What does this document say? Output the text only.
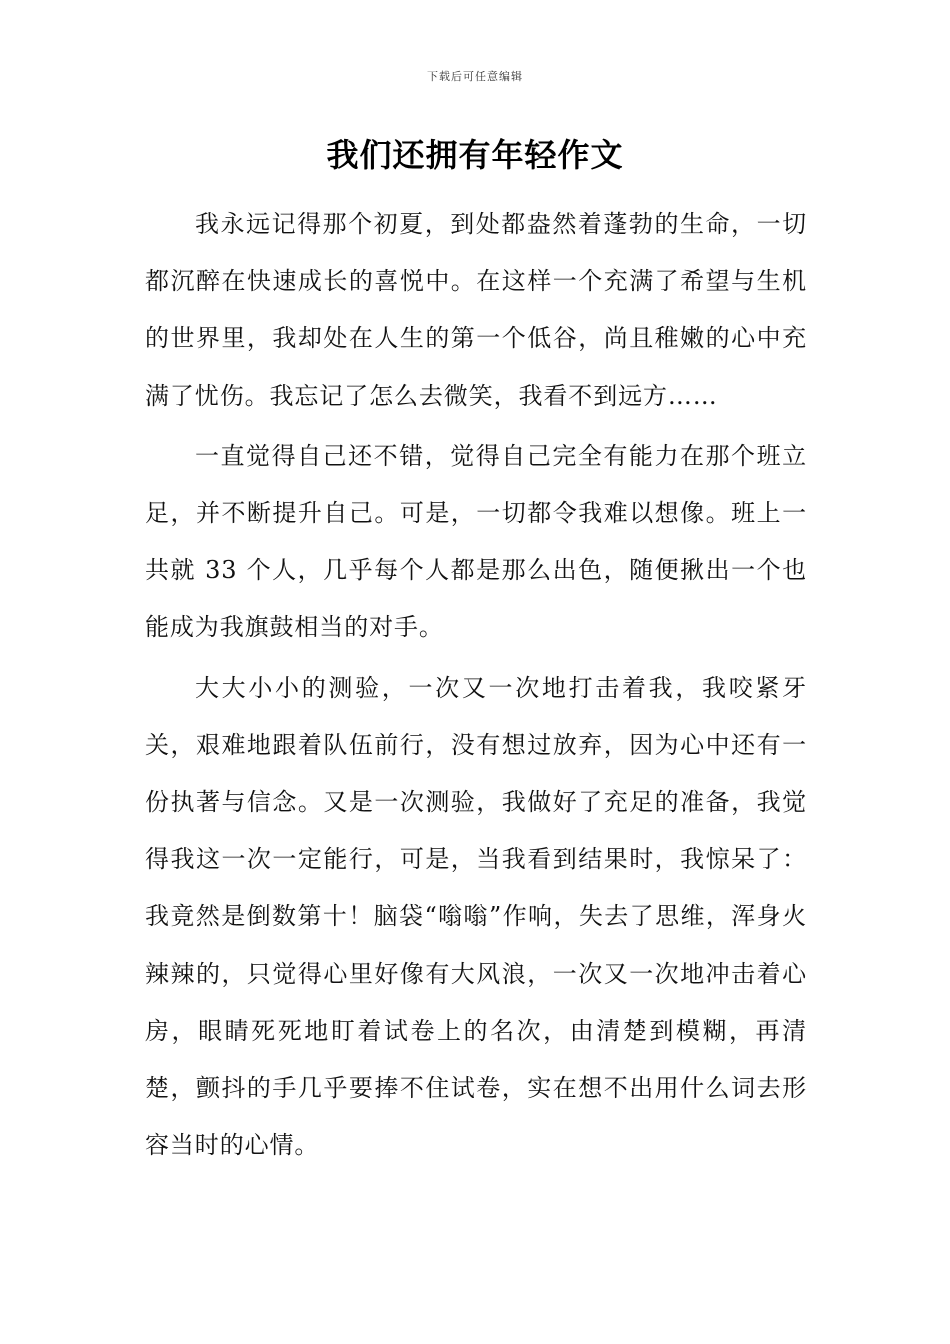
下载后可任意编辑
我们还拥有年轻作文

我永远记得那个初夏，到处都盎然着蓬勃的生命，一切都沉醉在快速成长的喜悦中。在这样一个充满了希望与生机的世界里，我却处在人生的第一个低谷，尚且稚嫩的心中充满了忧伤。我忘记了怎么去微笑，我看不到远方……

一直觉得自己还不错，觉得自己完全有能力在那个班立足，并不断提升自己。可是，一切都令我难以想像。班上一共就 33 个人，几乎每个人都是那么出色，随便揪出一个也能成为我旗鼓相当的对手。

大大小小的测验，一次又一次地打击着我，我咬紧牙关，艰难地跟着队伍前行，没有想过放弃，因为心中还有一份执著与信念。又是一次测验，我做好了充足的准备，我觉得我这一次一定能行，可是，当我看到结果时，我惊呆了：我竟然是倒数第十！脑袋“嗡嗡”作响，失去了思维，浑身火辣辣的，只觉得心里好像有大风浪，一次又一次地冲击着心房，眼睛死死地盯着试卷上的名次，由清楚到模糊，再清楚，颤抖的手几乎要捧不住试卷，实在想不出用什么词去形容当时的心情。
